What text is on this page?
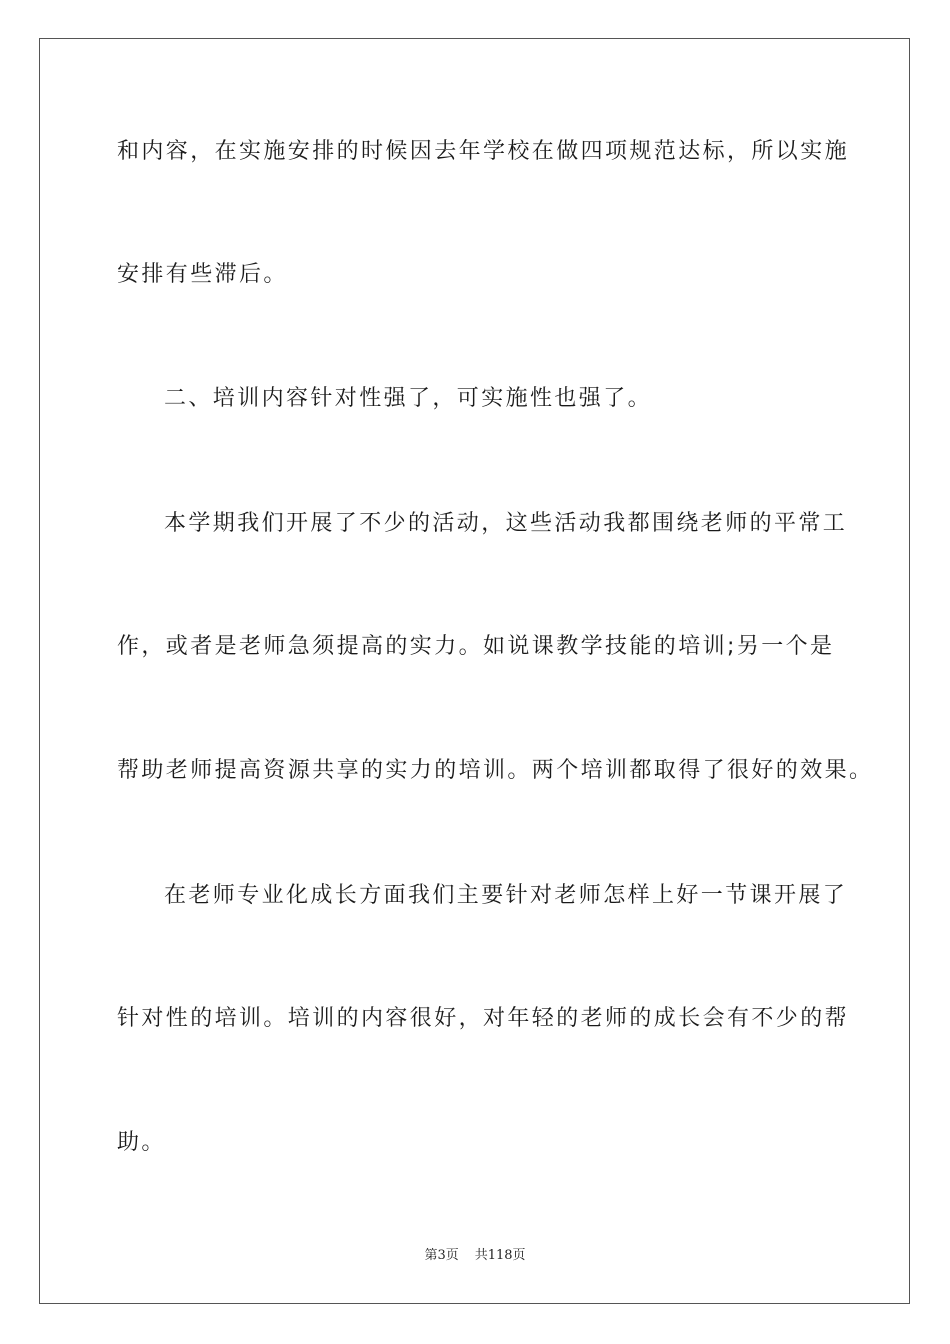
和内容，在实施安排的时候因去年学校在做四项规范达标，所以实施
安排有些滞后。
二、培训内容针对性强了，可实施性也强了。
本学期我们开展了不少的活动，这些活动我都围绕老师的平常工
作，或者是老师急须提高的实力。如说课教学技能的培训;另一个是
帮助老师提高资源共享的实力的培训。两个培训都取得了很好的效果。
在老师专业化成长方面我们主要针对老师怎样上好一节课开展了
针对性的培训。培训的内容很好，对年轻的老师的成长会有不少的帮
助。
第3页 共118页
